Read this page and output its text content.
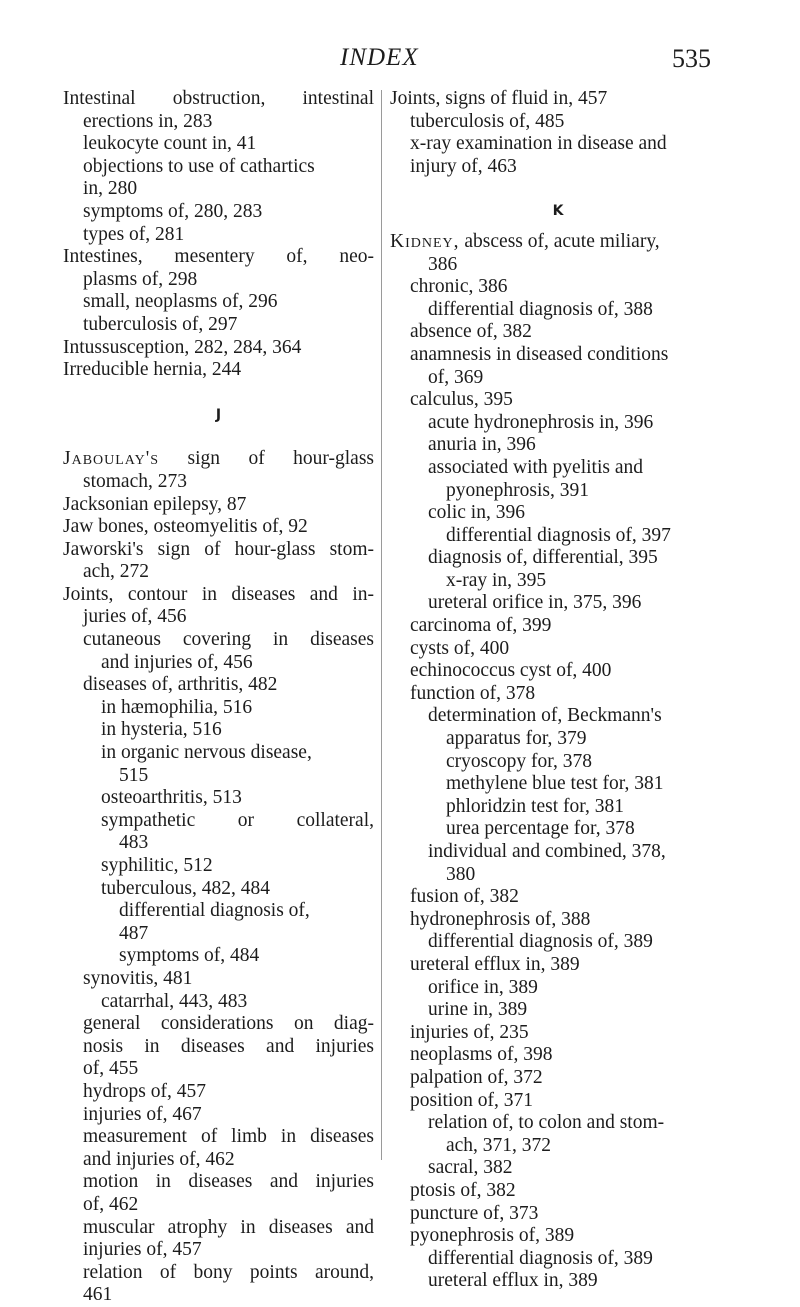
INDEX	535
Intestinal obstruction, intestinal
erections in, 283
leukocyte count in, 41
objections to use of cathartics
in, 280
symptoms of, 280, 283
types of, 281
Intestines, mesentery of, neo-
plasms of, 298
small, neoplasms of, 296
tuberculosis of, 297
Intussusception, 282, 284, 364
Irreducible hernia, 244
J
Jaboulay's sign of hour-glass
stomach, 273
Jacksonian epilepsy, 87
Jaw bones, osteomyelitis of, 92
Jaworski's sign of hour-glass stom-
ach, 272
Joints, contour in diseases and in-
juries of, 456
cutaneous covering in diseases
and injuries of, 456
diseases of, arthritis, 482
in hæmophilia, 516
in hysteria, 516
in organic nervous disease,
515
osteoarthritis, 513
sympathetic or collateral,
483
syphilitic, 512
tuberculous, 482, 484
differential diagnosis of,
487
symptoms of, 484
synovitis, 481
catarrhal, 443, 483
general considerations on diag-
nosis in diseases and injuries
of, 455
hydrops of, 457
injuries of, 467
measurement of limb in diseases
and injuries of, 462
motion in diseases and injuries
of, 462
muscular atrophy in diseases and
injuries of, 457
relation of bony points around,
461
Joints, signs of fluid in, 457
tuberculosis of, 485
x-ray examination in disease and
injury of, 463
K
Kidney, abscess of, acute miliary,
386
chronic, 386
differential diagnosis of, 388
absence of, 382
anamnesis in diseased conditions
of, 369
calculus, 395
acute hydronephrosis in, 396
anuria in, 396
associated with pyelitis and
pyonephrosis, 391
colic in, 396
differential diagnosis of, 397
diagnosis of, differential, 395
x-ray in, 395
ureteral orifice in, 375, 396
carcinoma of, 399
cysts of, 400
echinococcus cyst of, 400
function of, 378
determination of, Beckmann's
apparatus for, 379
cryoscopy for, 378
methylene blue test for, 381
phloridzin test for, 381
urea percentage for, 378
individual and combined, 378,
380
fusion of, 382
hydronephrosis of, 388
differential diagnosis of, 389
ureteral efflux in, 389
orifice in, 389
urine in, 389
injuries of, 235
neoplasms of, 398
palpation of, 372
position of, 371
relation of, to colon and stom-
ach, 371, 372
sacral, 382
ptosis of, 382
puncture of, 373
pyonephrosis of, 389
differential diagnosis of, 389
ureteral efflux in, 389
